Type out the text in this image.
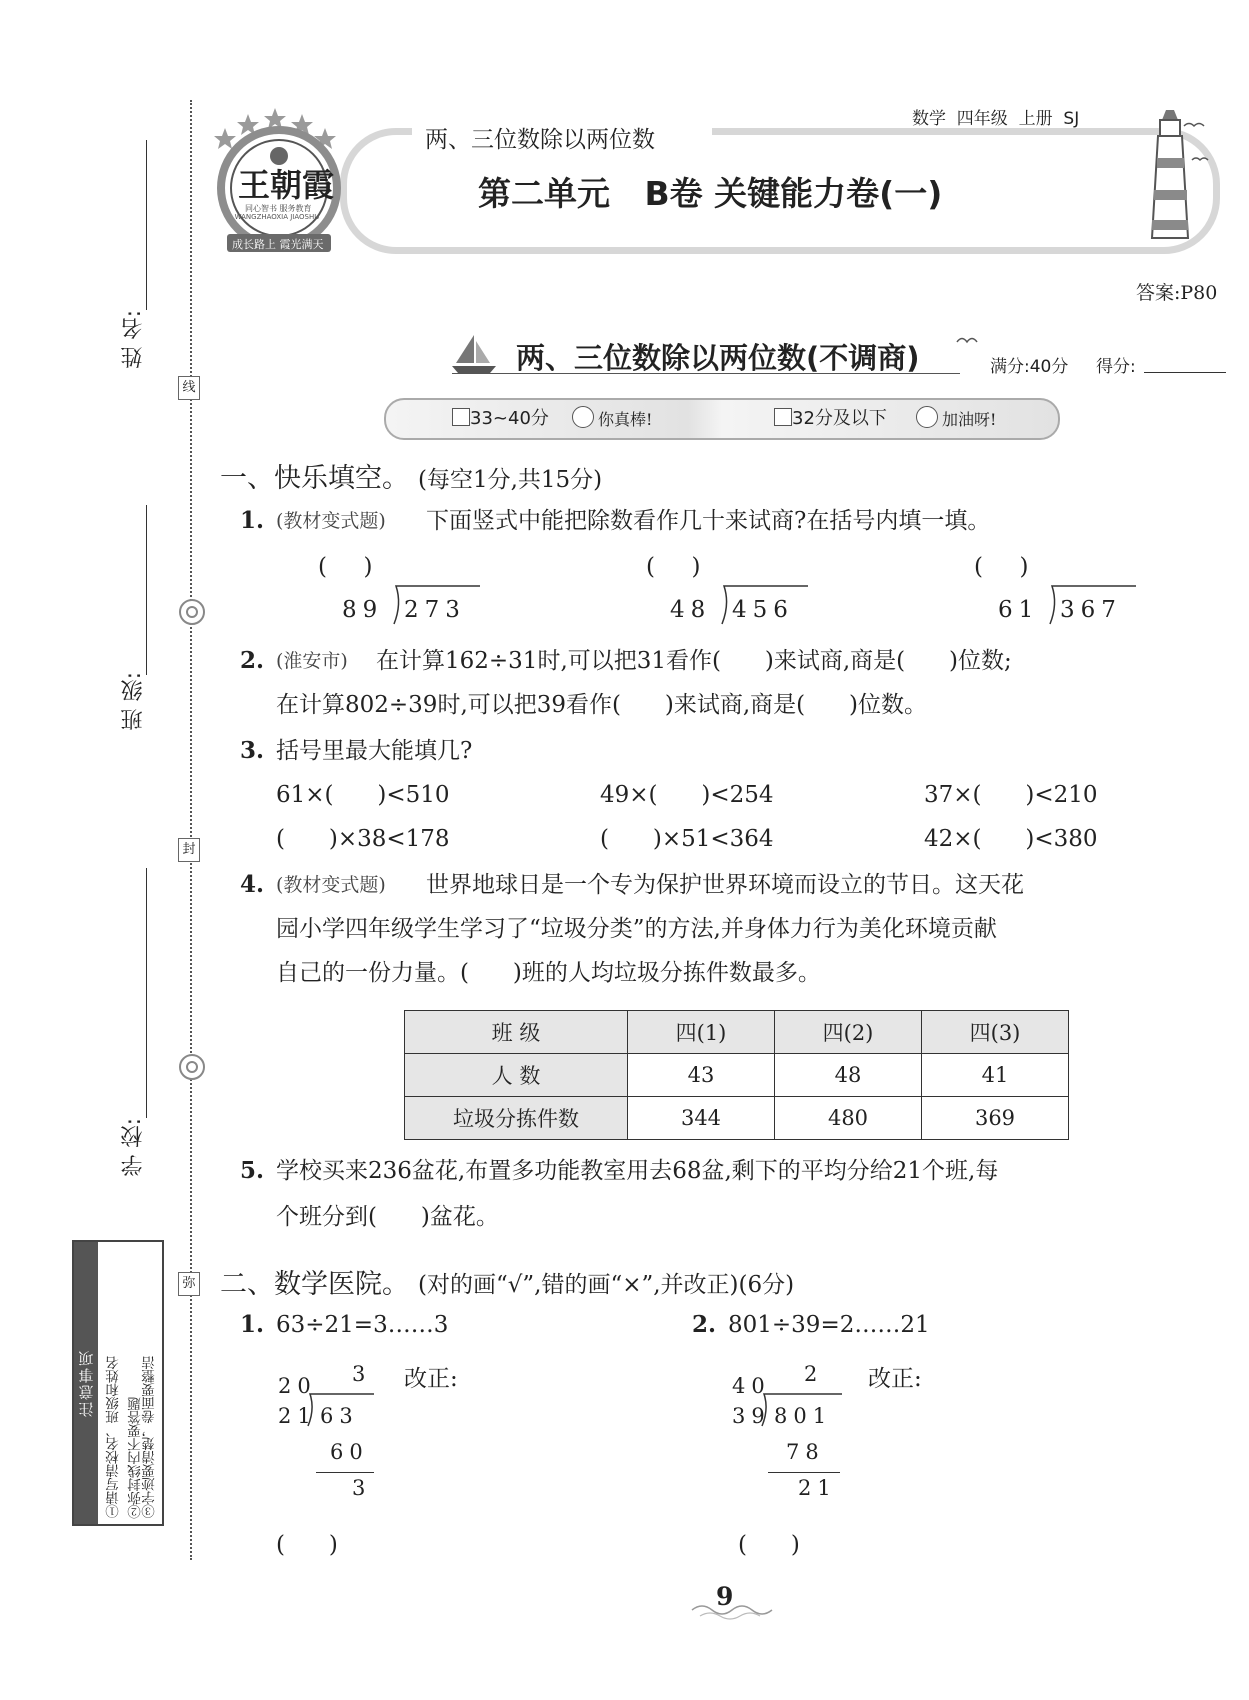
线
封
弥
姓 名:
班 级:
学 校:
注意事项 ①请写清校名、班级和姓名 ②弥封线内不要答题
③字迹要清楚，卷面要整洁
两、三位数除以两位数
数学  四年级  上册  SJ
第二单元   B卷 关键能力卷(一)
王朝霞
WANGZHAOXIA JIAOSHU
同心智书 服务教育
成长路上 霞光满天
答案:P80
两、三位数除以两位数(不调商)	满分:40分 得分:
33~40分	你真棒!	32分及以下	加油呀!
一、快乐填空。 (每空1分,共15分)
1. (教材变式题) 下面竖式中能把除数看作几十来试商?在括号内填一填。
(     )
89 273
(     )
48 456
(     )
61 367
2. (淮安市) 在计算162÷31时,可以把31看作(      )来试商,商是(      )位数;
在计算802÷39时,可以把39看作(      )来试商,商是(      )位数。
3. 括号里最大能填几?
61×(      )<510	49×(      )<254	37×(      )<210
(      )×38<178	(      )×51<364	42×(      )<380
4. (教材变式题) 世界地球日是一个专为保护世界环境而设立的节日。这天花
园小学四年级学生学习了“垃圾分类”的方法,并身体力行为美化环境贡献
自己的一份力量。(      )班的人均垃圾分拣件数最多。
班 级	四(1)	四(2)	四(3)
人 数	43	48	41
垃圾分拣件数	344	480	369
5. 学校买来236盆花,布置多功能教室用去68盆,剩下的平均分给21个班,每
个班分到(      )盆花。
二、数学医院。 (对的画“√”,错的画“×”,并改正)(6分)
1. 63÷21=3……3
20 3
21 63
60
3
改正:
(      )
2. 801÷39=2……21
40 2
39 801
78
21
改正:
(      )
9
